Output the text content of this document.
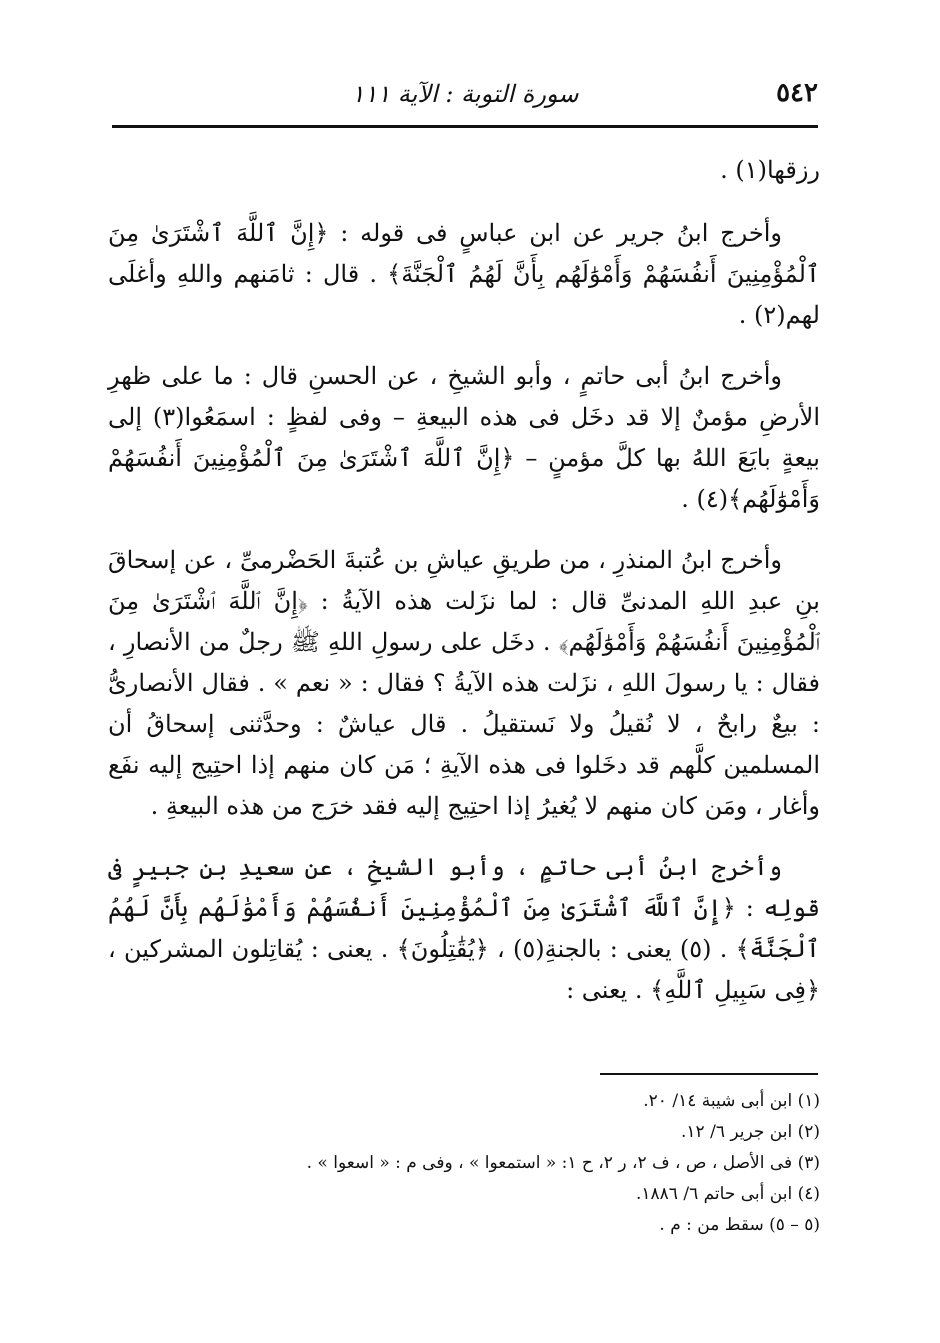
٥٤٢
سورة التوبة : الآية ١١١

رزقها(١) .

وأخرج ابنُ جرير عن ابن عباسٍ فى قوله : ﴿إِنَّ ٱللَّهَ ٱشْتَرَىٰ مِنَ ٱلْمُؤْمِنِينَ أَنفُسَهُمْ وَأَمْوَٰلَهُم بِأَنَّ لَهُمُ ٱلْجَنَّةَ﴾ . قال : ثامَنهم واللهِ وأغلَى لهم(٢) .

وأخرج ابنُ أبى حاتمٍ ، وأبو الشيخِ ، عن الحسنِ قال : ما على ظهرِ الأرضِ مؤمنٌ إلا قد دخَل فى هذه البيعةِ – وفى لفظٍ : اسمَعُوا(٣) إلى بيعةٍ بايَعَ اللهُ بها كلَّ مؤمنٍ – ﴿إِنَّ ٱللَّهَ ٱشْتَرَىٰ مِنَ ٱلْمُؤْمِنِينَ أَنفُسَهُمْ وَأَمْوَٰلَهُم﴾(٤) .

وأخرج ابنُ المنذرِ ، من طريقِ عياشِ بن عُتبةَ الحَضْرمىِّ ، عن إسحاقَ بنِ عبدِ اللهِ المدنىِّ قال : لما نزَلت هذه الآيةُ : ﴿إِنَّ ٱللَّهَ ٱشْتَرَىٰ مِنَ ٱلْمُؤْمِنِينَ أَنفُسَهُمْ وَأَمْوَٰلَهُم﴾ . دخَل على رسولِ اللهِ ﷺ رجلٌ من الأنصارِ ، فقال : يا رسولَ اللهِ ، نزَلت هذه الآيةُ ؟ فقال : « نعم » . فقال الأنصارىُّ : بيعٌ رابحٌ ، لا نُقيلُ ولا نَستقيلُ . قال عياشٌ : وحدَّثنى إسحاقُ أن المسلمين كلَّهم قد دخَلوا فى هذه الآيةِ ؛ مَن كان منهم إذا احتِيج إليه نفَع وأغار ، ومَن كان منهم لا يُغيرُ إذا احتِيج إليه فقد خرَج من هذه البيعةِ .

وأخرج ابنُ أبى حاتمٍ ، وأبو الشيخِ ، عن سعيدِ بنِ جبيرٍ فى قولِه : ﴿إِنَّ ٱللَّهَ ٱشْتَرَىٰ مِنَ ٱلْمُؤْمِنِينَ أَنفُسَهُمْ وَأَمْوَٰلَهُم بِأَنَّ لَهُمُ ٱلْجَنَّةَ﴾ . (٥) يعنى : بالجنةِ(٥) ، ﴿يُقَٰتِلُونَ﴾ . يعنى : يُقاتِلون المشركين ، ﴿فِى سَبِيلِ ٱللَّهِ﴾ . يعنى :

(١) ابن أبى شيبة ١٤/ ٢٠.

(٢) ابن جرير ٦/ ١٢.

(٣) فى الأصل ، ص ، ف ٢، ر ٢، ح ١: « استمعوا » ، وفى م : « اسعوا » .

(٤) ابن أبى حاتم ٦/ ١٨٨٦.

(٥ – ٥) سقط من : م .
